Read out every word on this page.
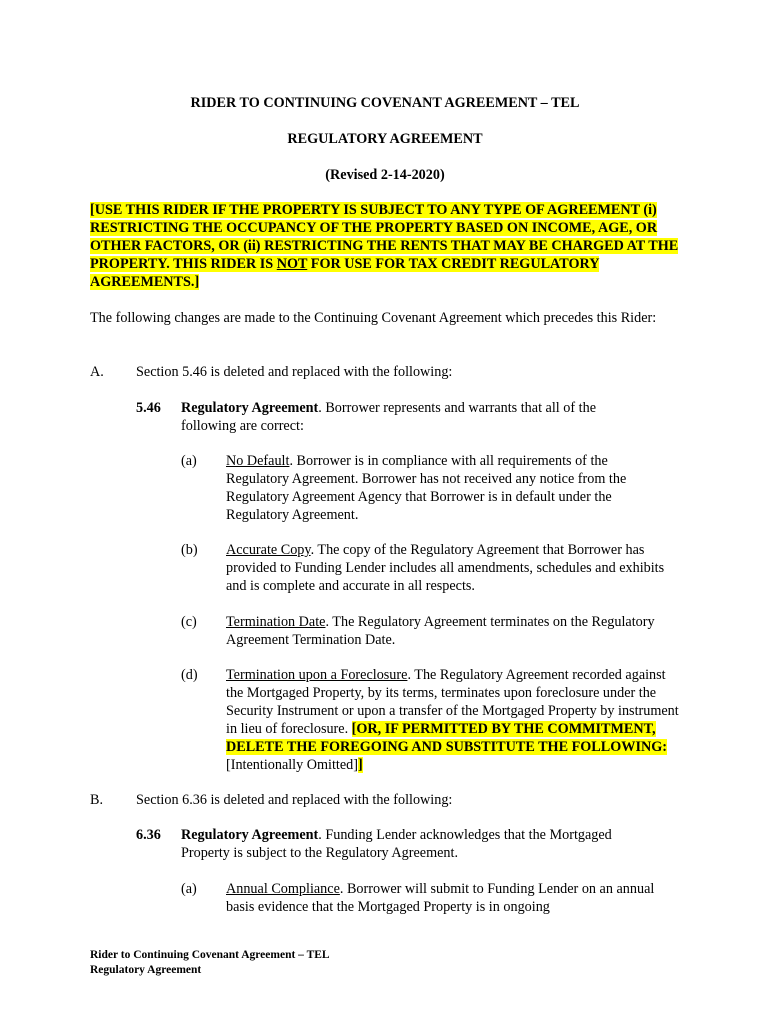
RIDER TO CONTINUING COVENANT AGREEMENT – TEL
REGULATORY AGREEMENT
(Revised 2-14-2020)
[USE THIS RIDER IF THE PROPERTY IS SUBJECT TO ANY TYPE OF AGREEMENT (i) RESTRICTING THE OCCUPANCY OF THE PROPERTY BASED ON INCOME, AGE, OR OTHER FACTORS, OR (ii) RESTRICTING THE RENTS THAT MAY BE CHARGED AT THE PROPERTY. THIS RIDER IS NOT FOR USE FOR TAX CREDIT REGULATORY AGREEMENTS.]
The following changes are made to the Continuing Covenant Agreement which precedes this Rider:
A. Section 5.46 is deleted and replaced with the following:
5.46 Regulatory Agreement. Borrower represents and warrants that all of the following are correct:
(a) No Default. Borrower is in compliance with all requirements of the Regulatory Agreement. Borrower has not received any notice from the Regulatory Agreement Agency that Borrower is in default under the Regulatory Agreement.
(b) Accurate Copy. The copy of the Regulatory Agreement that Borrower has provided to Funding Lender includes all amendments, schedules and exhibits and is complete and accurate in all respects.
(c) Termination Date. The Regulatory Agreement terminates on the Regulatory Agreement Termination Date.
(d) Termination upon a Foreclosure. The Regulatory Agreement recorded against the Mortgaged Property, by its terms, terminates upon foreclosure under the Security Instrument or upon a transfer of the Mortgaged Property by instrument in lieu of foreclosure. [OR, IF PERMITTED BY THE COMMITMENT, DELETE THE FOREGOING AND SUBSTITUTE THE FOLLOWING: [Intentionally Omitted]]
B. Section 6.36 is deleted and replaced with the following:
6.36 Regulatory Agreement. Funding Lender acknowledges that the Mortgaged Property is subject to the Regulatory Agreement.
(a) Annual Compliance. Borrower will submit to Funding Lender on an annual basis evidence that the Mortgaged Property is in ongoing
Rider to Continuing Covenant Agreement – TEL
Regulatory Agreement
